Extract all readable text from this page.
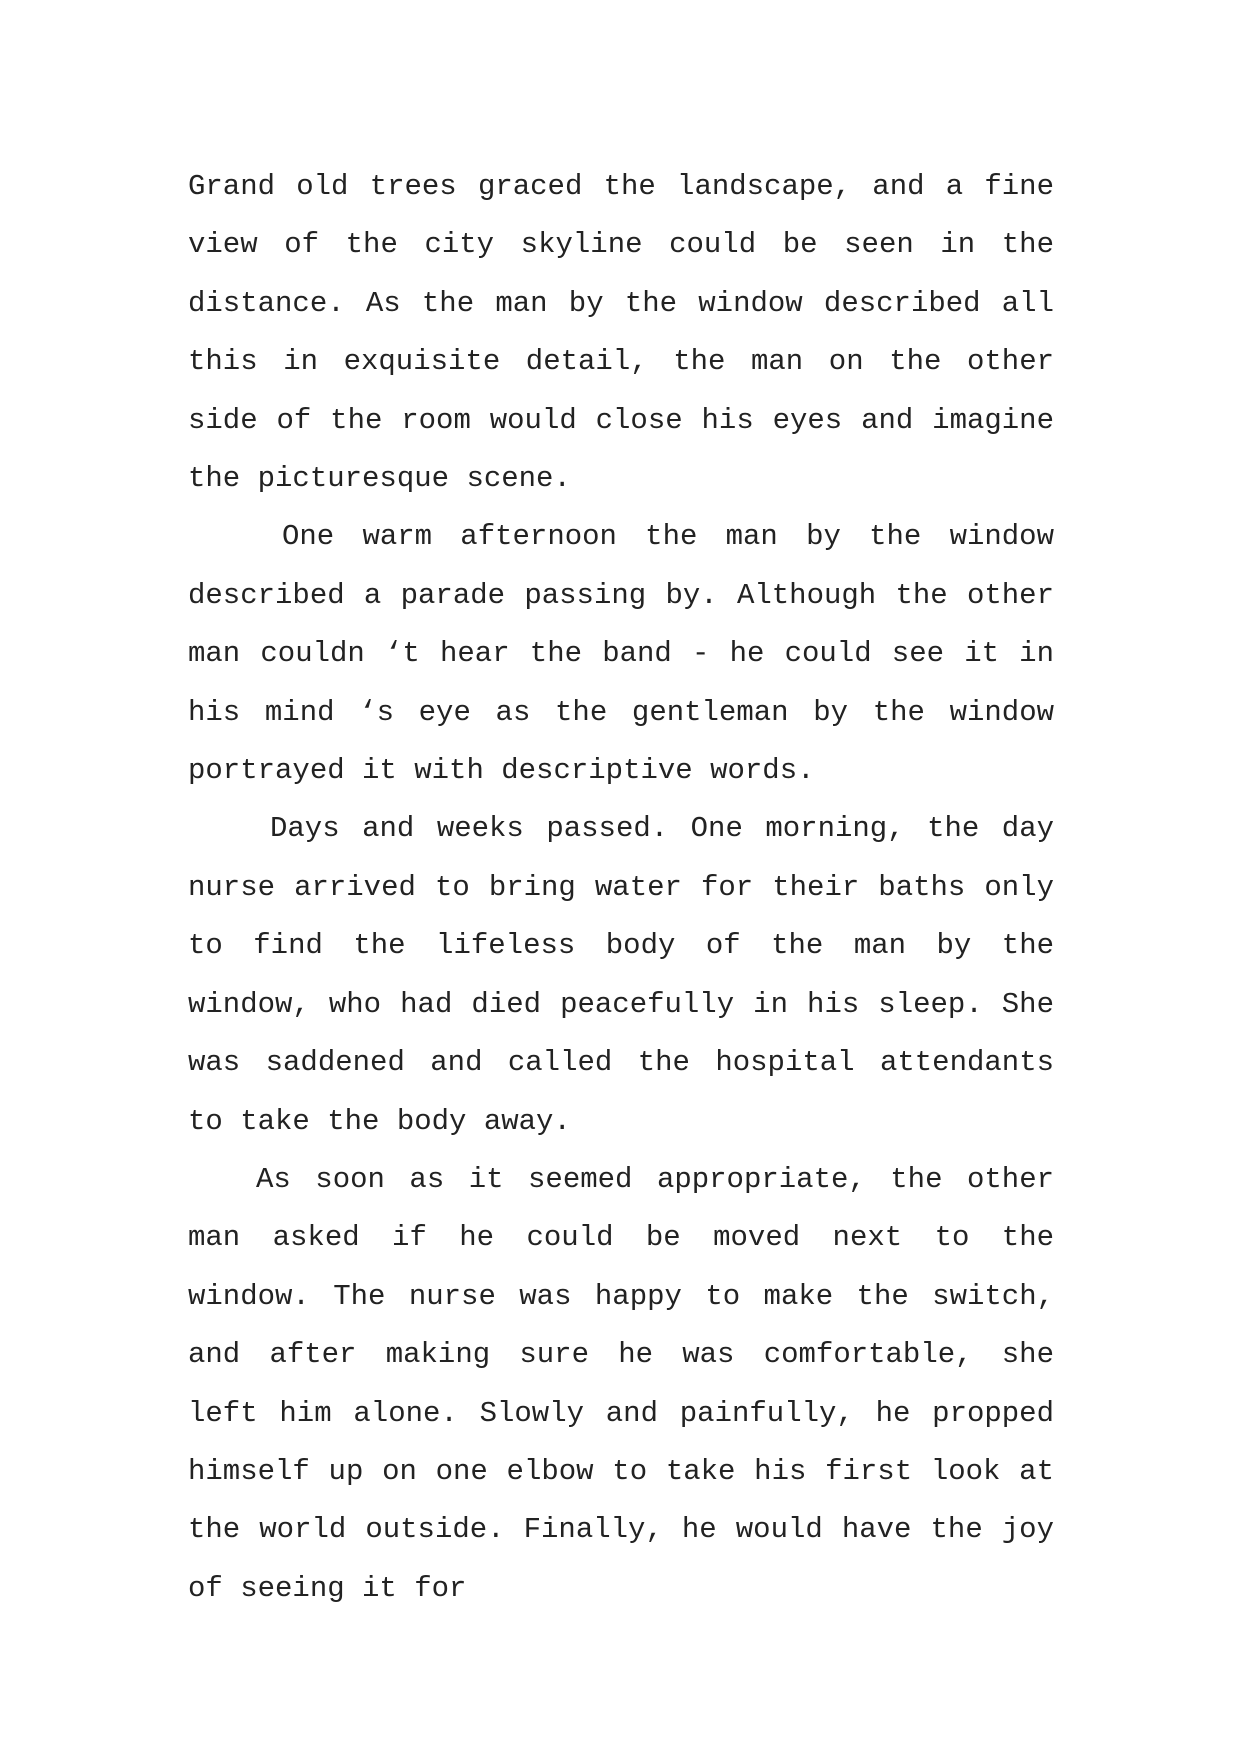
Grand old trees graced the landscape, and a fine view of the city skyline could be seen in the distance. As the man by the window described all this in exquisite detail, the man on the other side of the room would close his eyes and imagine the picturesque scene.

One warm afternoon the man by the window described a parade passing by. Although the other man couldn ‘t hear the band - he could see it in his mind ‘s eye as the gentleman by the window portrayed it with descriptive words.

Days and weeks passed. One morning, the day nurse arrived to bring water for their baths only to find the lifeless body of the man by the window, who had died peacefully in his sleep. She was saddened and called the hospital attendants to take the body away.

As soon as it seemed appropriate, the other man asked if he could be moved next to the window. The nurse was happy to make the switch, and after making sure he was comfortable, she left him alone. Slowly and painfully, he propped himself up on one elbow to take his first look at the world outside. Finally, he would have the joy of seeing it for
